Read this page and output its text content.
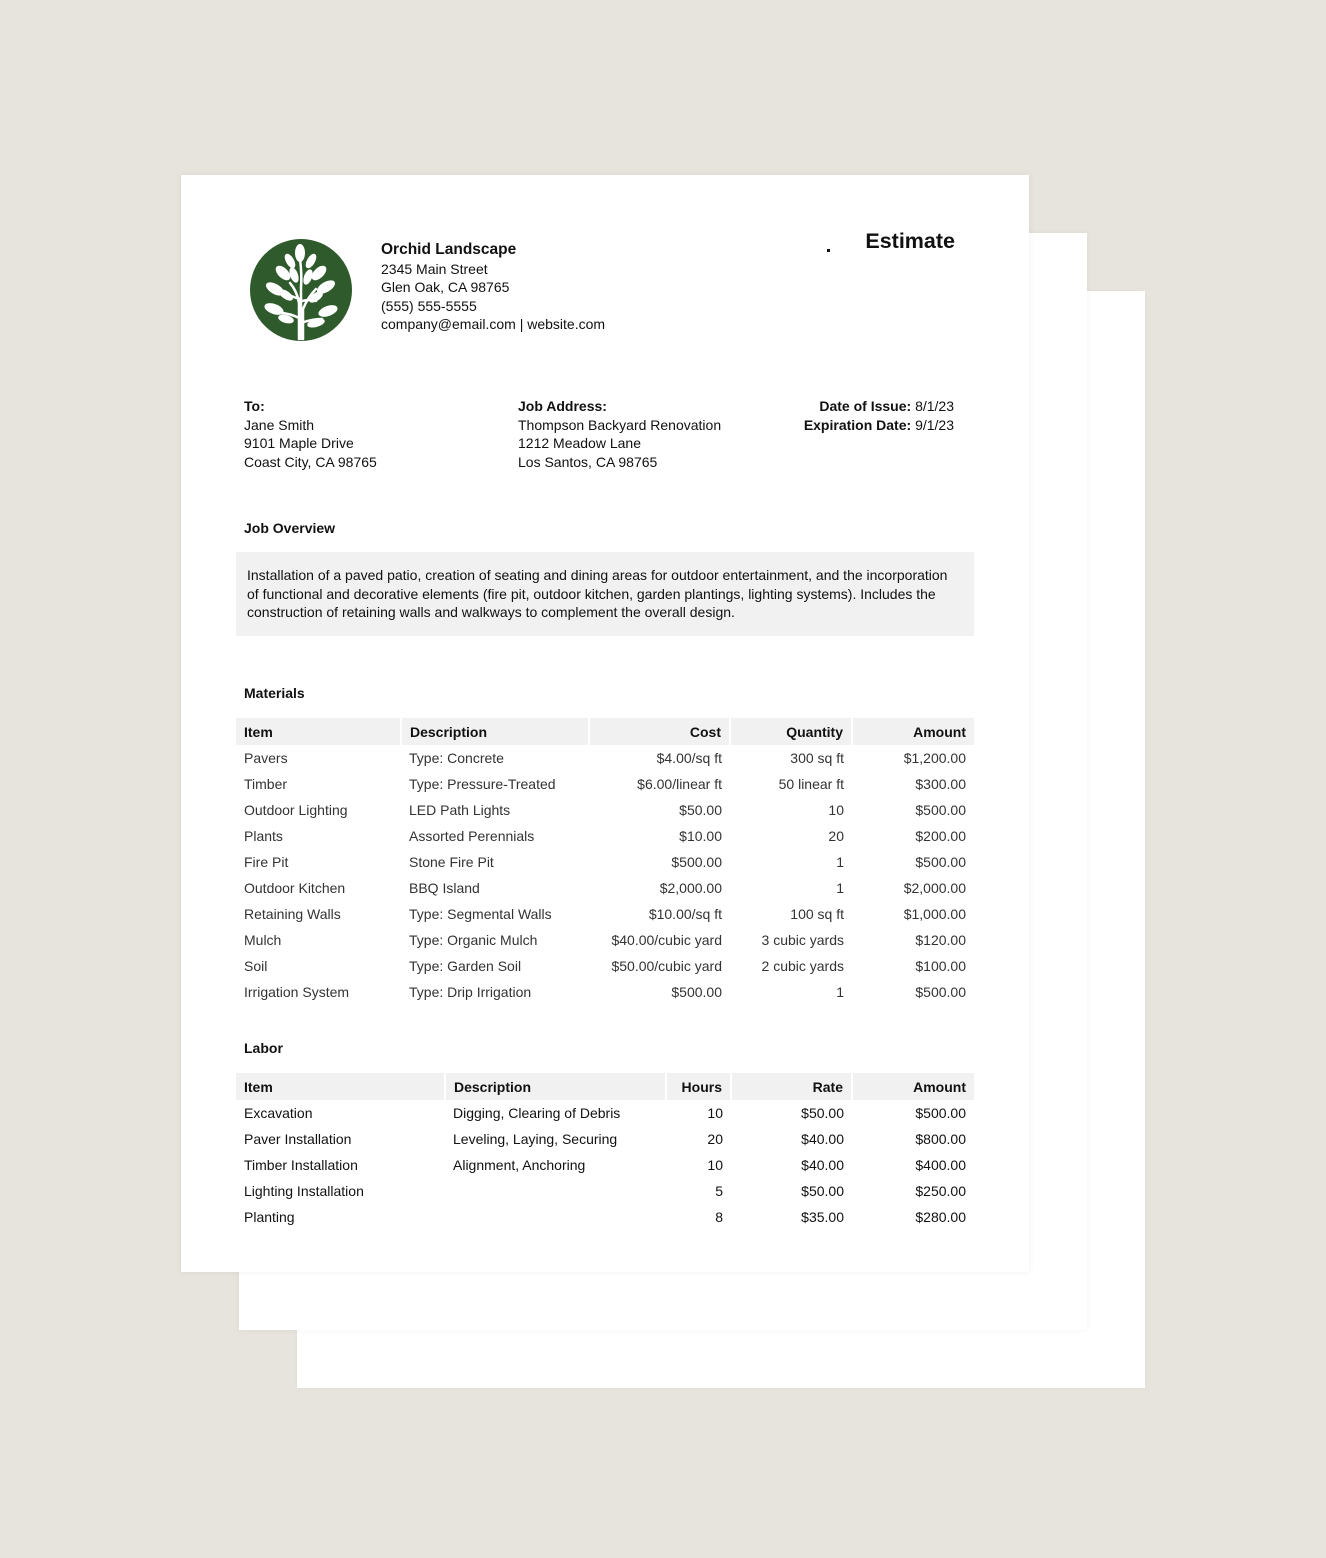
Orchid Landscape
2345 Main Street
Glen Oak, CA 98765
(555) 555-5555
company@email.com | website.com
Estimate
To:
Jane Smith
9101 Maple Drive
Coast City, CA 98765
Job Address:
Thompson Backyard Renovation
1212 Meadow Lane
Los Santos, CA 98765
Date of Issue: 8/1/23
Expiration Date: 9/1/23
Job Overview
Installation of a paved patio, creation of seating and dining areas for outdoor entertainment, and the incorporation of functional and decorative elements (fire pit, outdoor kitchen, garden plantings, lighting systems). Includes the construction of retaining walls and walkways to complement the overall design.
Materials
Item	Description	Cost	Quantity	Amount
Pavers	Type: Concrete	$4.00/sq ft	300 sq ft	$1,200.00
Timber	Type: Pressure-Treated	$6.00/linear ft	50 linear ft	$300.00
Outdoor Lighting	LED Path Lights	$50.00	10	$500.00
Plants	Assorted Perennials	$10.00	20	$200.00
Fire Pit	Stone Fire Pit	$500.00	1	$500.00
Outdoor Kitchen	BBQ Island	$2,000.00	1	$2,000.00
Retaining Walls	Type: Segmental Walls	$10.00/sq ft	100 sq ft	$1,000.00
Mulch	Type: Organic Mulch	$40.00/cubic yard	3 cubic yards	$120.00
Soil	Type: Garden Soil	$50.00/cubic yard	2 cubic yards	$100.00
Irrigation System	Type: Drip Irrigation	$500.00	1	$500.00
Labor
Item	Description	Hours	Rate	Amount
Excavation	Digging, Clearing of Debris	10	$50.00	$500.00
Paver Installation	Leveling, Laying, Securing	20	$40.00	$800.00
Timber Installation	Alignment, Anchoring	10	$40.00	$400.00
Lighting Installation		5	$50.00	$250.00
Planting		8	$35.00	$280.00
